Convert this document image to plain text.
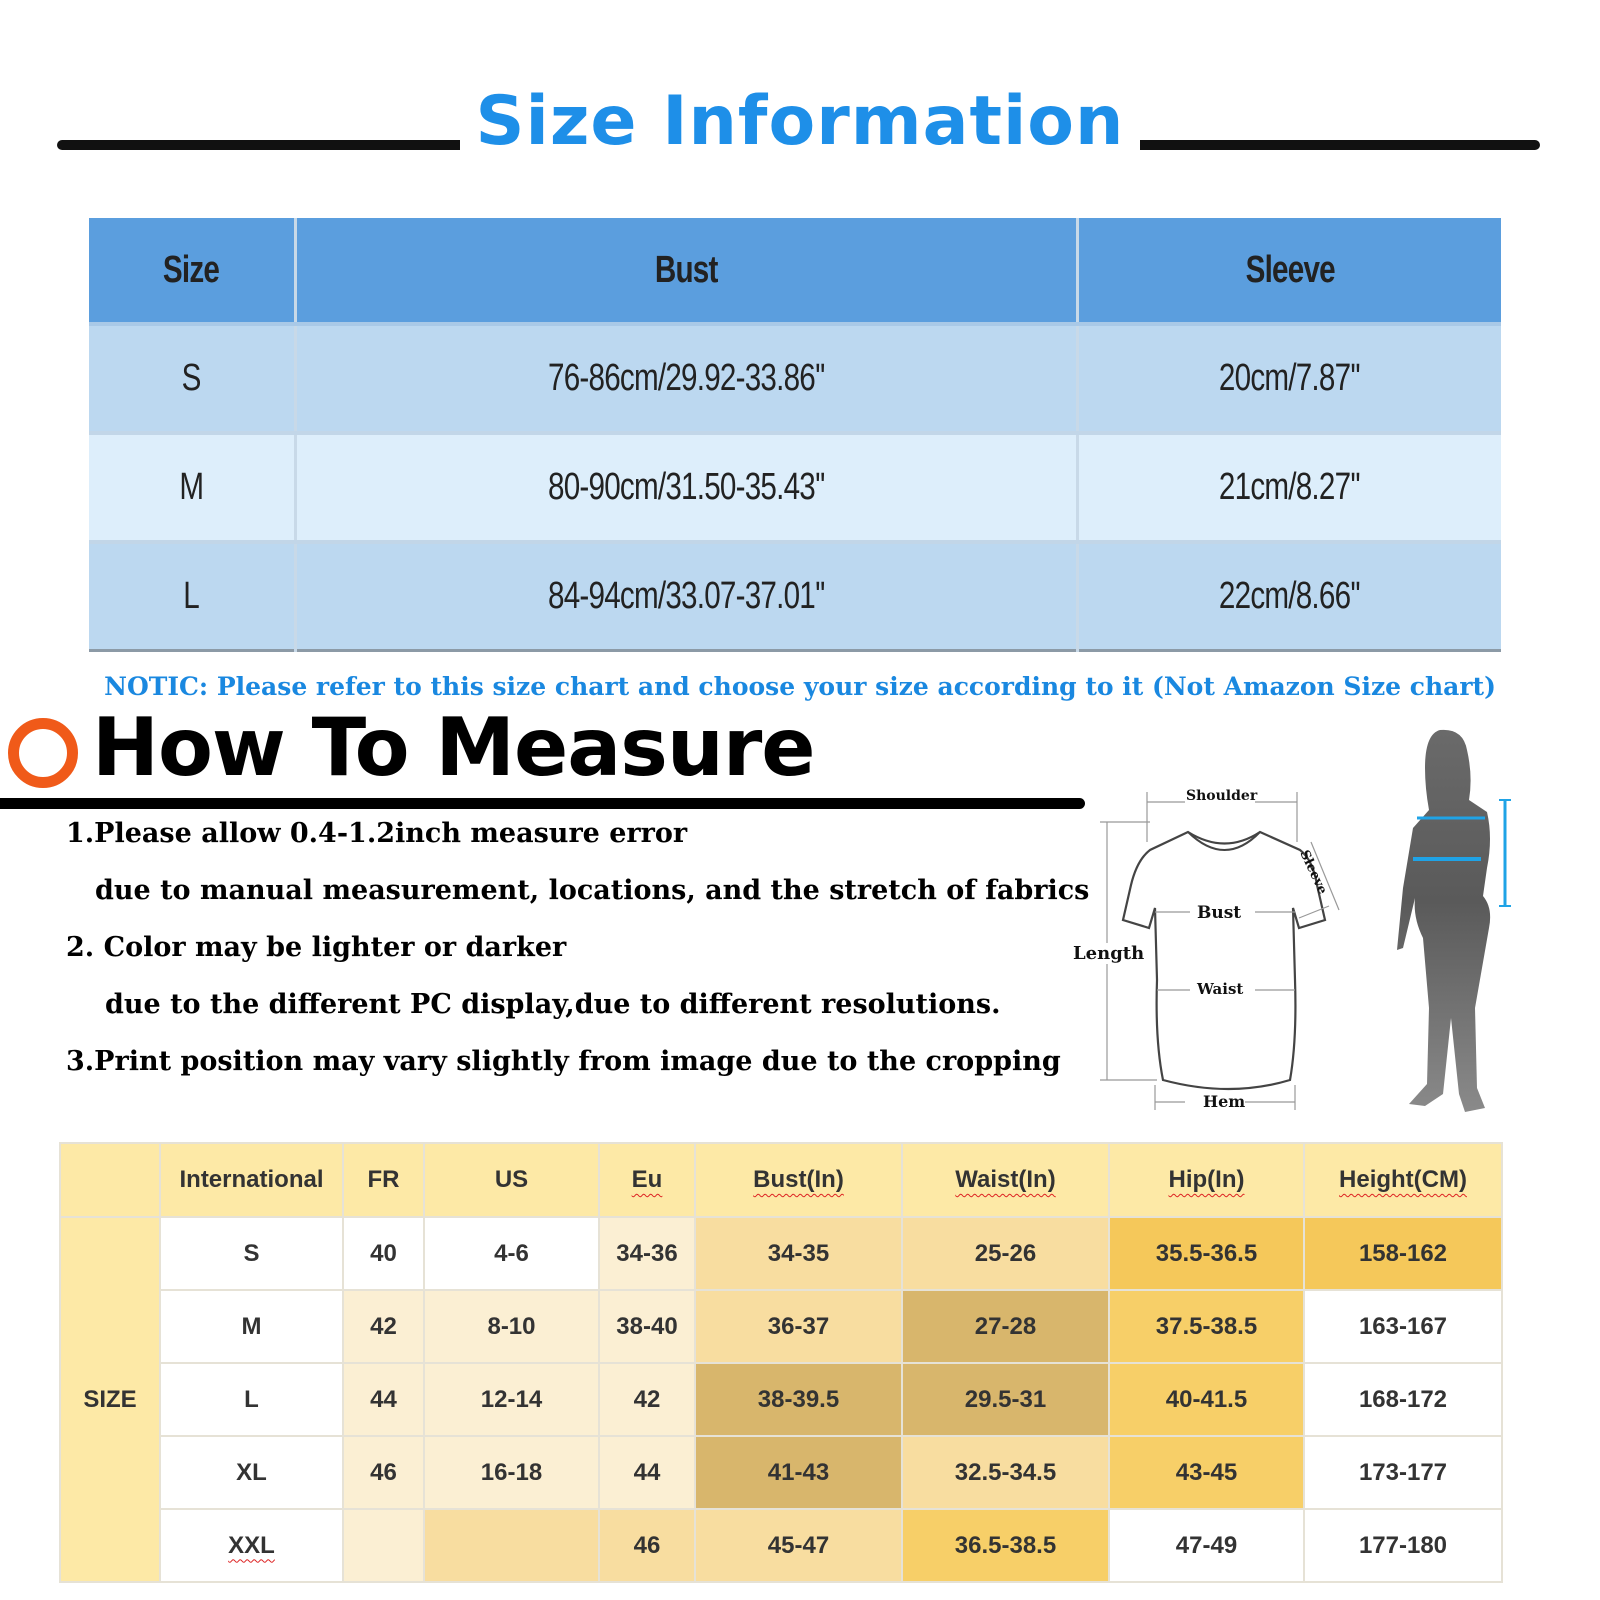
Size Information
Size	Bust	Sleeve
S	76-86cm/29.92-33.86''	20cm/7.87''
M	80-90cm/31.50-35.43''	21cm/8.27''
L	84-94cm/33.07-37.01''	22cm/8.66''
NOTIC: Please refer to this size chart and choose your size according to it (Not Amazon Size chart)
How To Measure
1.Please allow 0.4-1.2inch measure error
due to manual measurement, locations, and the stretch of fabrics
2. Color may be lighter or darker
due to the different PC display,due to different resolutions.
3.Print position may vary slightly from image due to the cropping
Shoulder
Sleeve
Bust
Length
Waist
Hem
	International	FR	US	Eu	Bust(In)	Waist(In)	Hip(In)	Height(CM)
SIZE	S	40	4-6	34-36	34-35	25-26	35.5-36.5	158-162
	M	42	8-10	38-40	36-37	27-28	37.5-38.5	163-167
	L	44	12-14	42	38-39.5	29.5-31	40-41.5	168-172
	XL	46	16-18	44	41-43	32.5-34.5	43-45	173-177
	XXL			46	45-47	36.5-38.5	47-49	177-180
